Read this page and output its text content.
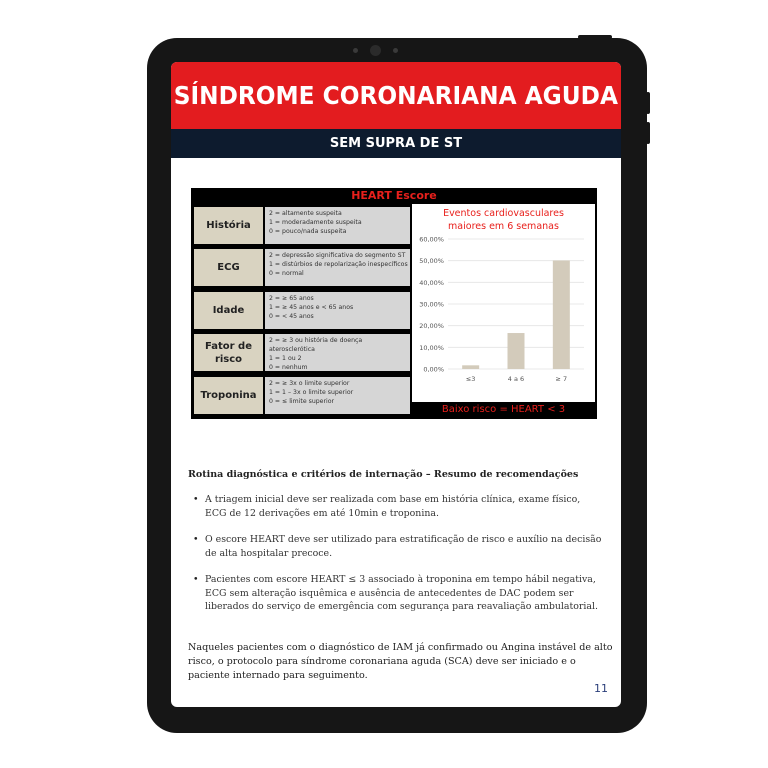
SÍNDROME CORONARIANA AGUDA
SEM SUPRA DE ST
HEART Escore
História
2 = altamente suspeita
1 = moderadamente suspeita
0 = pouco/nada suspeita
ECG
2 = depressão significativa do segmento ST
1 = distúrbios de repolarização inespecíficos
0 = normal
Idade
2 = ≥ 65 anos
1 = ≥ 45 anos e < 65 anos
0 = < 45 anos
Fator de risco
2 = ≥ 3 ou história de doença aterosclerótica
1 = 1 ou 2
0 = nenhum
Troponina
2 = ≥ 3x o limite superior
1 = 1 – 3x o limite superior
0 = ≤ limite superior
Eventos cardiovasculares
maiores em 6 semanas
0,00%
10,00%
20,00%
30,00%
40,00%
50,00%
60,00%
≤3	4 a 6	≥ 7
Baixo risco = HEART < 3
Rotina diagnóstica e critérios de internação – Resumo de recomendações
• A triagem inicial deve ser realizada com base em história clínica, exame físico, ECG de 12 derivações em até 10min e troponina.
• O escore HEART deve ser utilizado para estratificação de risco e auxílio na decisão de alta hospitalar precoce.
• Pacientes com escore HEART ≤ 3 associado à troponina em tempo hábil negativa, ECG sem alteração isquêmica e ausência de antecedentes de DAC podem ser liberados do serviço de emergência com segurança para reavaliação ambulatorial.
Naqueles pacientes com o diagnóstico de IAM já confirmado ou Angina instável de alto risco, o protocolo para síndrome coronariana aguda (SCA) deve ser iniciado e o paciente internado para seguimento.
11
